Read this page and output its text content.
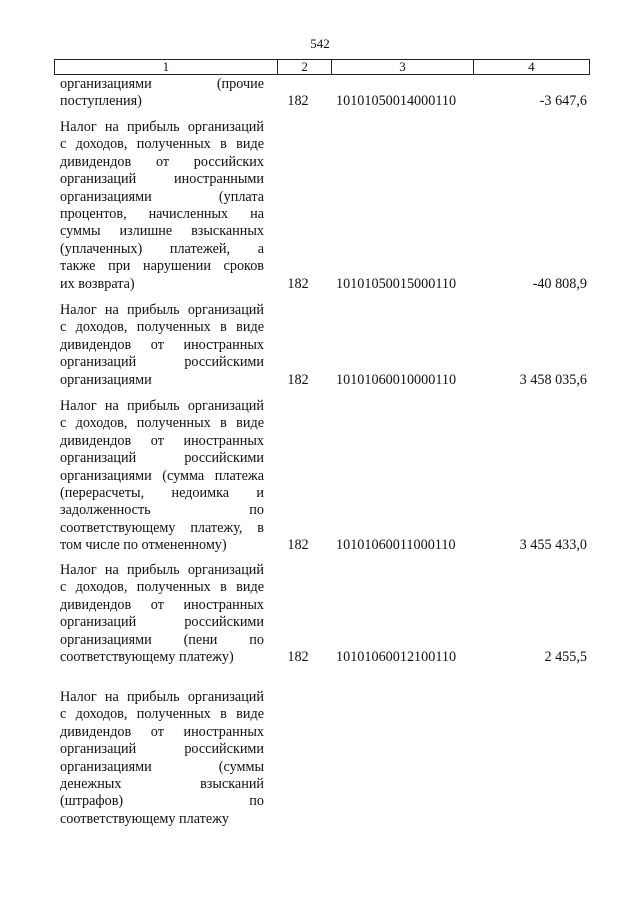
542
1	2	3	4
организациями (прочие
поступления)	182 10101050014000110	-3 647,6
Налог на прибыль организаций
с доходов, полученных в виде
дивидендов от российских
организаций иностранными
организациями (уплата
процентов, начисленных на
суммы излишне взысканных
(уплаченных) платежей, а
также при нарушении сроков
их возврата)	182 10101050015000110	-40 808,9
Налог на прибыль организаций
с доходов, полученных в виде
дивидендов от иностранных
организаций российскими
организациями	182 10101060010000110	3 458 035,6
Налог на прибыль организаций
с доходов, полученных в виде
дивидендов от иностранных
организаций российскими
организациями (сумма платежа
(перерасчеты, недоимка и
задолженность по
соответствующему платежу, в
том числе по отмененному)	182 10101060011000110	3 455 433,0
Налог на прибыль организаций
с доходов, полученных в виде
дивидендов от иностранных
организаций российскими
организациями (пени по
соответствующему платежу)	182 10101060012100110	2 455,5
Налог на прибыль организаций
с доходов, полученных в виде
дивидендов от иностранных
организаций российскими
организациями (суммы
денежных взысканий
(штрафов) по
соответствующему платежу
